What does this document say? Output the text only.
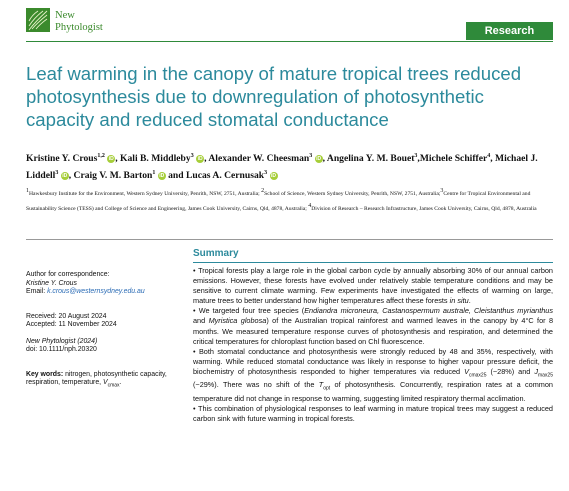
New
Phytologist	Research
Leaf warming in the canopy of mature tropical trees reduced photosynthesis due to downregulation of photosynthetic capacity and reduced stomatal conductance
Kristine Y. Crous$^{1,2}$ iD , Kali B. Middleby$^3$ iD , Alexander W. Cheesman$^3$ iD , Angelina Y. M. Bouet$^3$,Michele Schiffer$^4$, Michael J. Liddell$^3$ iD , Craig V. M. Barton$^1$ iD and Lucas A. Cernusak$^3$ iD
$^1$Hawkesbury Institute for the Environment, Western Sydney University, Penrith, NSW, 2751, Australia; $^2$School of Science, Western Sydney University, Penrith, NSW, 2751, Australia;$^3$Centre for Tropical Environmental and Sustainability Science (TESS) and College of Science and Engineering, James Cook University, Cairns, Qld, 4878, Australia; $^4$Division of Research – Research Infrastructure, James Cook University, Cairns, Qld, 4878, Australia
Author for correspondence:
Kristine Y. Crous
Email: k.crous@westernsydney.edu.au
Received: 20 August 2024
Accepted: 11 November 2024
New Phytologist (2024)
doi: 10.1111/nph.20320
Key words: nitrogen, photosynthetic capacity, respiration, temperature, $V_{cmax}$.
Summary

• Tropical forests play a large role in the global carbon cycle by annually absorbing 30% of our annual carbon emissions. However, these forests have evolved under relatively stable temperature conditions and may be sensitive to current climate warming. Few experiments have investigated the effects of warming on large, mature trees to better understand how higher temperatures affect these forests in situ.

• We targeted four tree species (Endiandra microneura, Castanospermum australe, Cleistanthus myrianthus and Myristica globosa) of the Australian tropical rainforest and warmed leaves in the canopy by 4°C for 8 months. We measured temperature response curves of photosynthesis and respiration, and determined the critical temperatures for chloroplast function based on Chl fluorescence.

• Both stomatal conductance and photosynthesis were strongly reduced by 48 and 35%, respectively, with warming. While reduced stomatal conductance was likely in response to higher vapour pressure deficit, the biochemistry of photosynthesis responded to higher temperatures via reduced $V_{cmax25}$ (−28%) and $J_{max25}$ (−29%). There was no shift of the $T_{opt}$ of photosynthesis. Concurrently, respiration rates at a common temperature did not change in response to warming, suggesting limited respiratory thermal acclimation.

• This combination of physiological responses to leaf warming in mature tropical trees may suggest a reduced carbon sink with future warming in tropical forests.
